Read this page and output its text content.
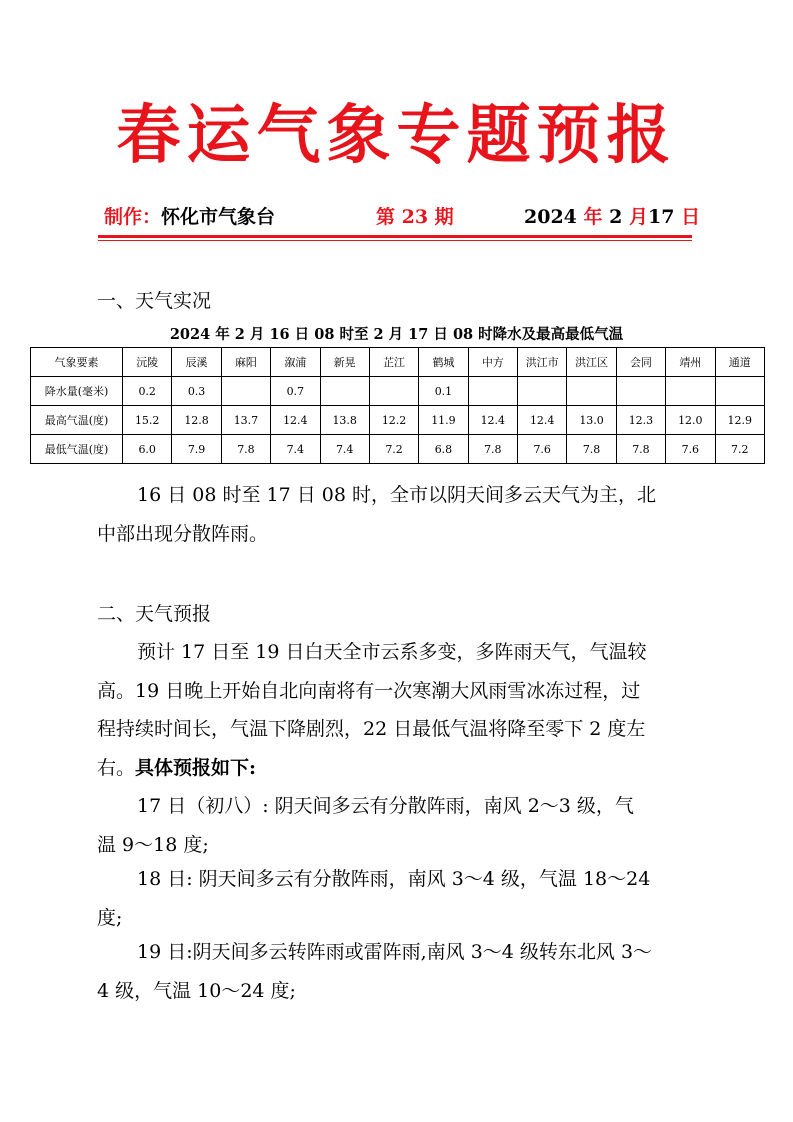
春运气象专题预报
制作：怀化市气象台	第 23 期	2024 年 2 月17 日
一、天气实况
2024 年 2 月 16 日 08 时至 2 月 17 日 08 时降水及最高最低气温
气象要素	沅陵	辰溪	麻阳	溆浦	新晃	芷江	鹤城	中方	洪江市	洪江区	会同	靖州	通道
降水量(毫米)	0.2	0.3		0.7			0.1						
最高气温(度)	15.2	12.8	13.7	12.4	13.8	12.2	11.9	12.4	12.4	13.0	12.3	12.0	12.9
最低气温(度)	6.0	7.9	7.8	7.4	7.4	7.2	6.8	7.8	7.6	7.8	7.8	7.6	7.2
16 日 08 时至 17 日 08 时，全市以阴天间多云天气为主，北
中部出现分散阵雨。
二、天气预报
预计 17 日至 19 日白天全市云系多变，多阵雨天气，气温较
高。19 日晚上开始自北向南将有一次寒潮大风雨雪冰冻过程，过
程持续时间长，气温下降剧烈，22 日最低气温将降至零下 2 度左
右。具体预报如下:
17 日（初八）: 阴天间多云有分散阵雨，南风 2～3 级，气
温 9～18 度;
18 日: 阴天间多云有分散阵雨，南风 3～4 级，气温 18～24
度;
19 日:阴天间多云转阵雨或雷阵雨,南风 3～4 级转东北风 3～
4 级，气温 10～24 度;
